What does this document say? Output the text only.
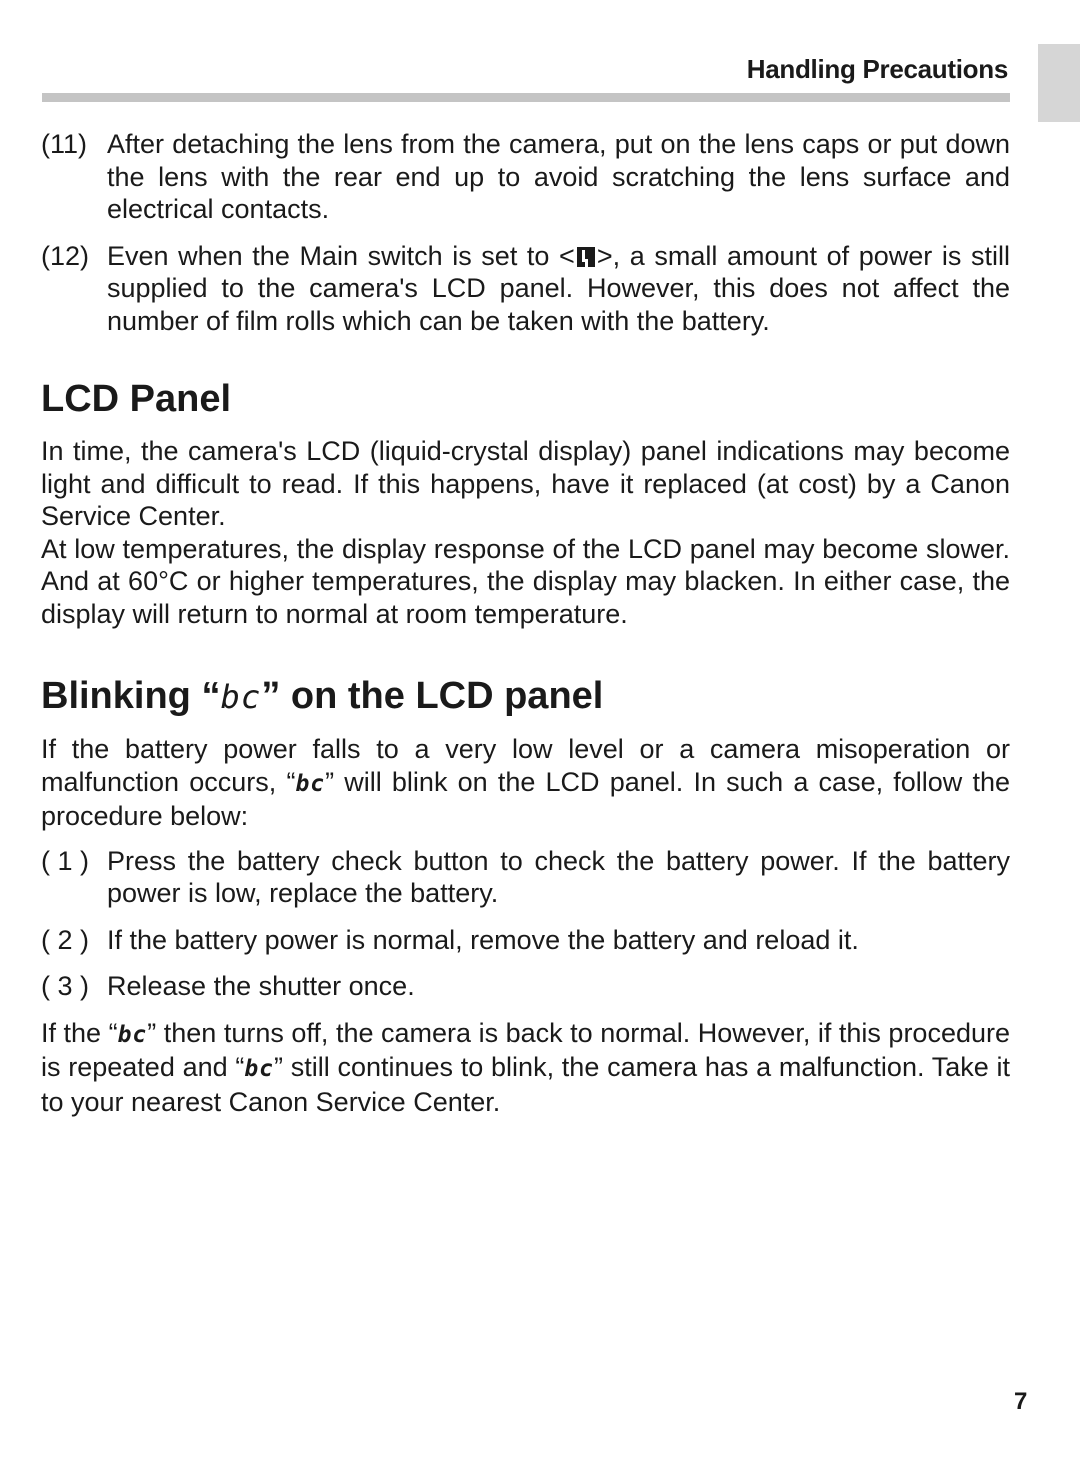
Handling Precautions
(11) After detaching the lens from the camera, put on the lens caps or put down the lens with the rear end up to avoid scratching the lens surface and electrical contacts.
(12) Even when the Main switch is set to < >, a small amount of power is still supplied to the camera's LCD panel. However, this does not affect the number of film rolls which can be taken with the battery.
LCD Panel

In time, the camera's LCD (liquid-crystal display) panel indications may become light and difficult to read. If this happens, have it replaced (at cost) by a Canon Service Center.

At low temperatures, the display response of the LCD panel may become slower. And at 60°C or higher temperatures, the display may blacken. In either case, the display will return to normal at room temperature.

Blinking “bc” on the LCD panel

If the battery power falls to a very low level or a camera misoperation or malfunction occurs, “bc” will blink on the LCD panel. In such a case, follow the procedure below:

( 1 ) Press the battery check button to check the battery power. If the battery power is low, replace the battery.
( 2 ) If the battery power is normal, remove the battery and reload it.
( 3 ) Release the shutter once.

If the “bc” then turns off, the camera is back to normal. However, if this procedure is repeated and “bc” still continues to blink, the camera has a malfunction. Take it to your nearest Canon Service Center.

7
